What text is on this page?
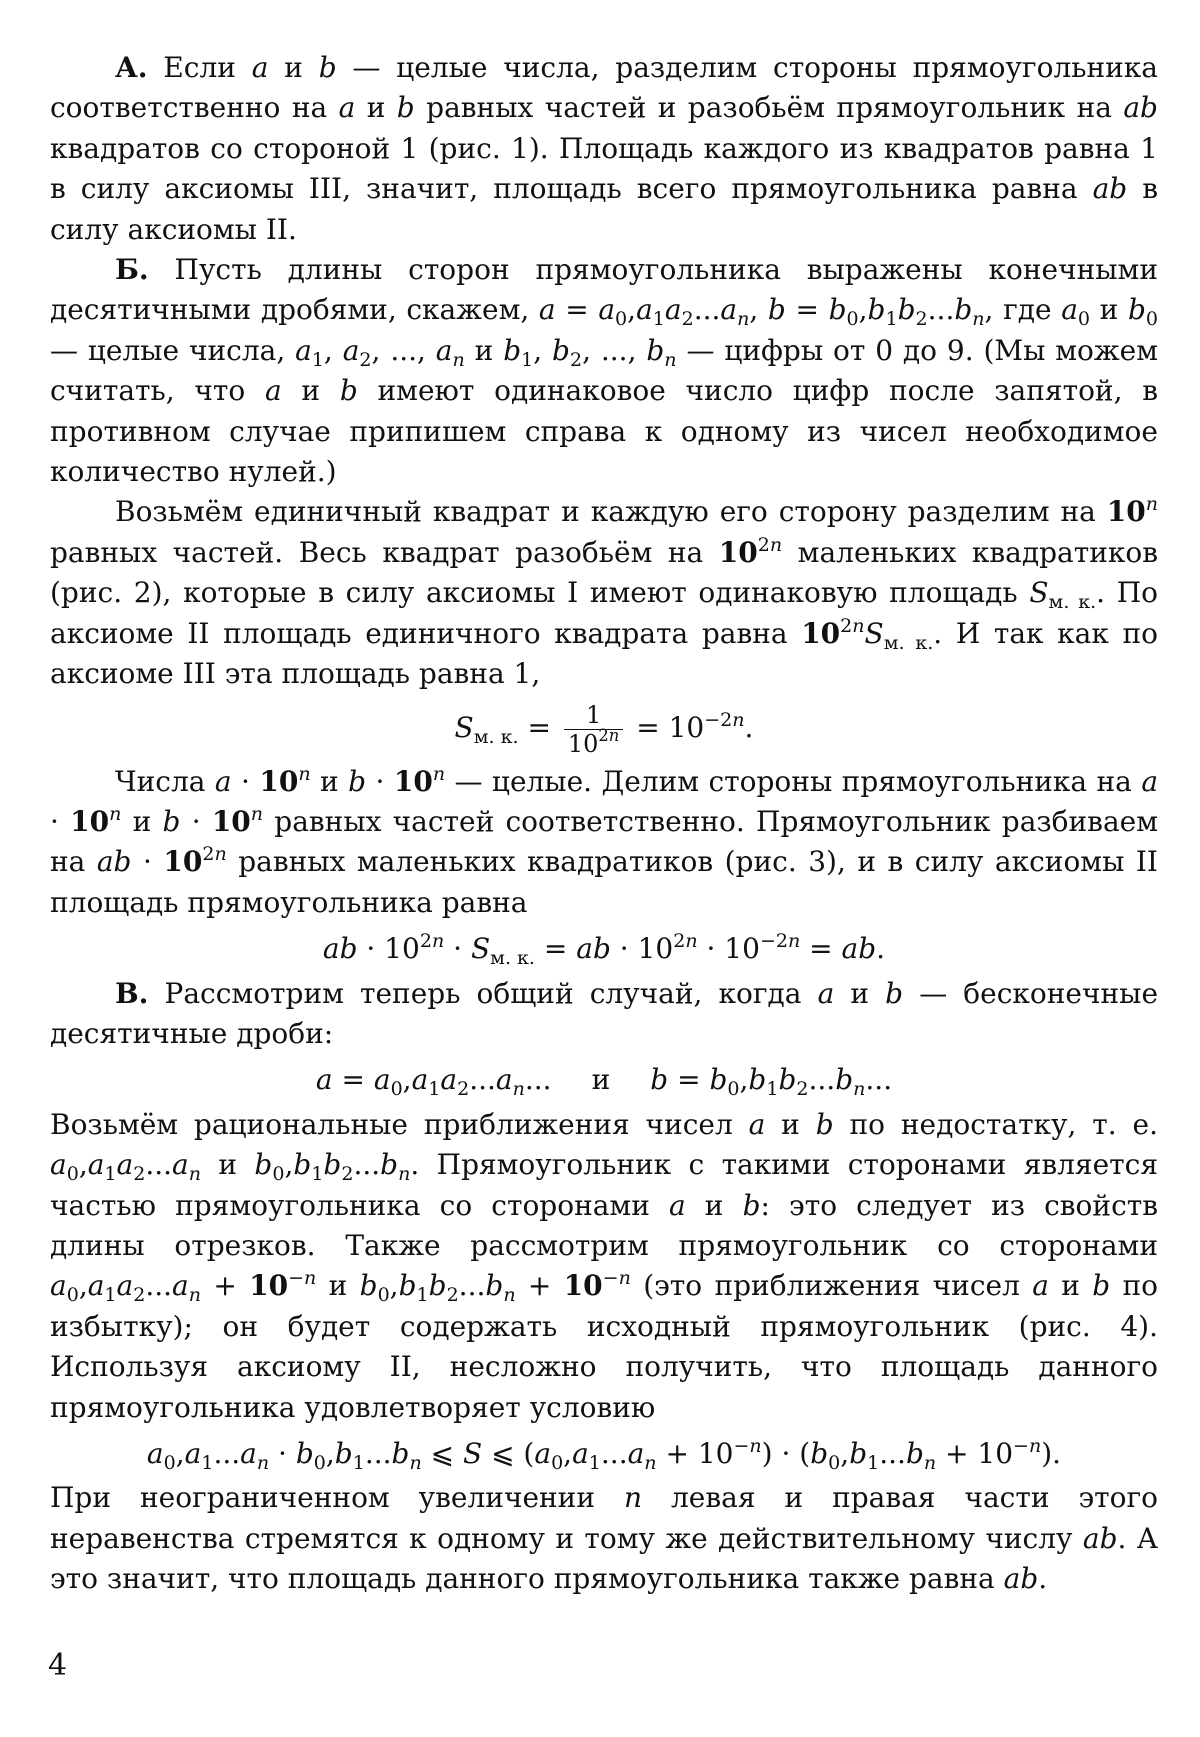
А. Если a и b — целые числа, разделим стороны прямоугольника соответственно на a и b равных частей и разобьём прямоугольник на ab квадратов со стороной 1 (рис. 1). Площадь каждого из квадратов равна 1 в силу аксиомы III, значит, площадь всего прямоугольника равна ab в силу аксиомы II.

Б. Пусть длины сторон прямоугольника выражены конечными десятичными дробями, скажем, $a = a_0,a_1a_2...a_n$, $b = b_0,b_1b_2...b_n$, где $a_0$ и $b_0$ — целые числа, $a_1$, $a_2$, ..., $a_n$ и $b_1$, $b_2$, ..., $b_n$ — цифры от 0 до 9. (Мы можем считать, что a и b имеют одинаковое число цифр после запятой, в противном случае припишем справа к одному из чисел необходимое количество нулей.)

Возьмём единичный квадрат и каждую его сторону разделим на 10$^n$ равных частей. Весь квадрат разобьём на $10^{2n}$ маленьких квадратиков (рис. 2), которые в силу аксиомы I имеют одинаковую площадь $S_{м. к.}$. По аксиоме II площадь единичного квадрата равна $10^{2n}S_{м. к.}$. И так как по аксиоме III эта площадь равна 1,

$S_{м. к.} = \frac{1}{10^{2n}} = 10^{-2n}$.

Числа $a \cdot 10^n$ и $b \cdot 10^n$ — целые. Делим стороны прямоугольника на $a \cdot 10^n$ и $b \cdot 10^n$ равных частей соответственно. Прямоугольник разбиваем на ab · $10^{2n}$ равных маленьких квадратиков (рис. 3), и в силу аксиомы II площадь прямоугольника равна

ab · $10^{2n} \cdot S_{м. к.}$ = ab · $10^{2n} \cdot 10^{-2n}$ = ab.

В. Рассмотрим теперь общий случай, когда a и b — бесконечные десятичные дроби:

$a = a_0,a_1a_2...a_n$... и $b = b_0,b_1b_2...b_n$...

Возьмём рациональные приближения чисел a и b по недостатку, т. е. $a_0,a_1a_2...a_n$ и $b_0,b_1b_2...b_n$. Прямоугольник с такими сторонами является частью прямоугольника со сторонами a и b: это следует из свойств длины отрезков. Также рассмотрим прямоугольник со сторонами $a_0,a_1a_2...a_n + 10^{-n}$ и $b_0,b_1b_2...b_n + 10^{-n}$ (это приближения чисел a и b по избытку); он будет содержать исходный прямоугольник (рис. 4). Используя аксиому II, несложно получить, что площадь данного прямоугольника удовлетворяет условию

$a_0,a_1...a_n \cdot b_0,b_1...b_n$ ⩽ S ⩽ $(a_0,a_1...a_n + 10^{-n}) \cdot (b_0,b_1...b_n + 10^{-n})$.

При неограниченном увеличении n левая и правая части этого неравенства стремятся к одному и тому же действительному числу ab. А это значит, что площадь данного прямоугольника также равна ab.

4
